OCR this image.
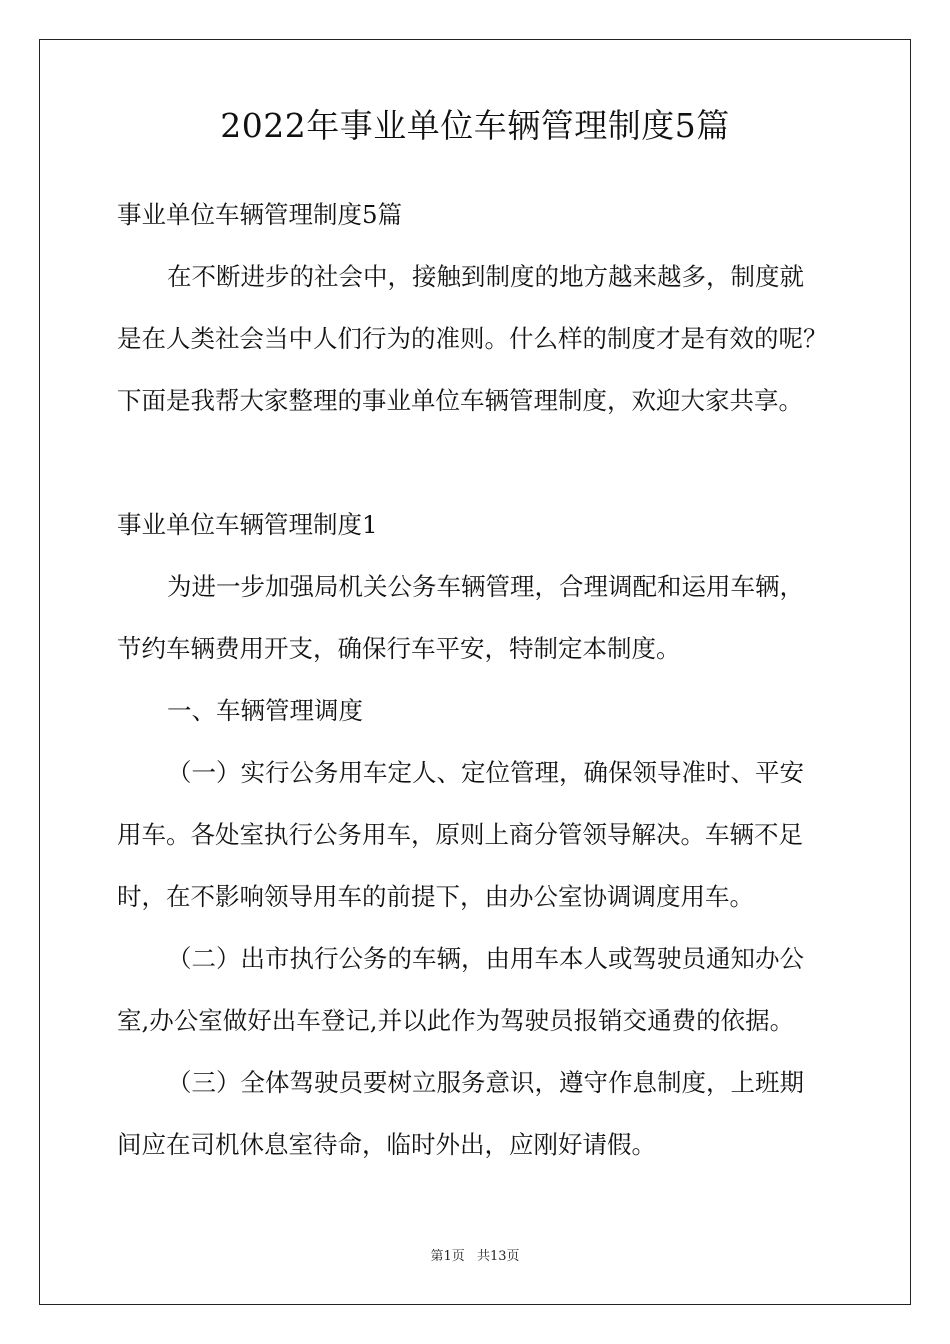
2022年事业单位车辆管理制度5篇

事业单位车辆管理制度5篇

在不断进步的社会中，接触到制度的地方越来越多，制度就

是在人类社会当中人们行为的准则。什么样的制度才是有效的呢？

下面是我帮大家整理的事业单位车辆管理制度，欢迎大家共享。

事业单位车辆管理制度1

为进一步加强局机关公务车辆管理，合理调配和运用车辆，

节约车辆费用开支，确保行车平安，特制定本制度。

一、车辆管理调度

（一）实行公务用车定人、定位管理，确保领导准时、平安

用车。各处室执行公务用车，原则上商分管领导解决。车辆不足

时，在不影响领导用车的前提下，由办公室协调调度用车。

（二）出市执行公务的车辆，由用车本人或驾驶员通知办公

室,办公室做好出车登记,并以此作为驾驶员报销交通费的依据。

（三）全体驾驶员要树立服务意识，遵守作息制度，上班期

间应在司机休息室待命，临时外出，应刚好请假。

第1页 共13页
